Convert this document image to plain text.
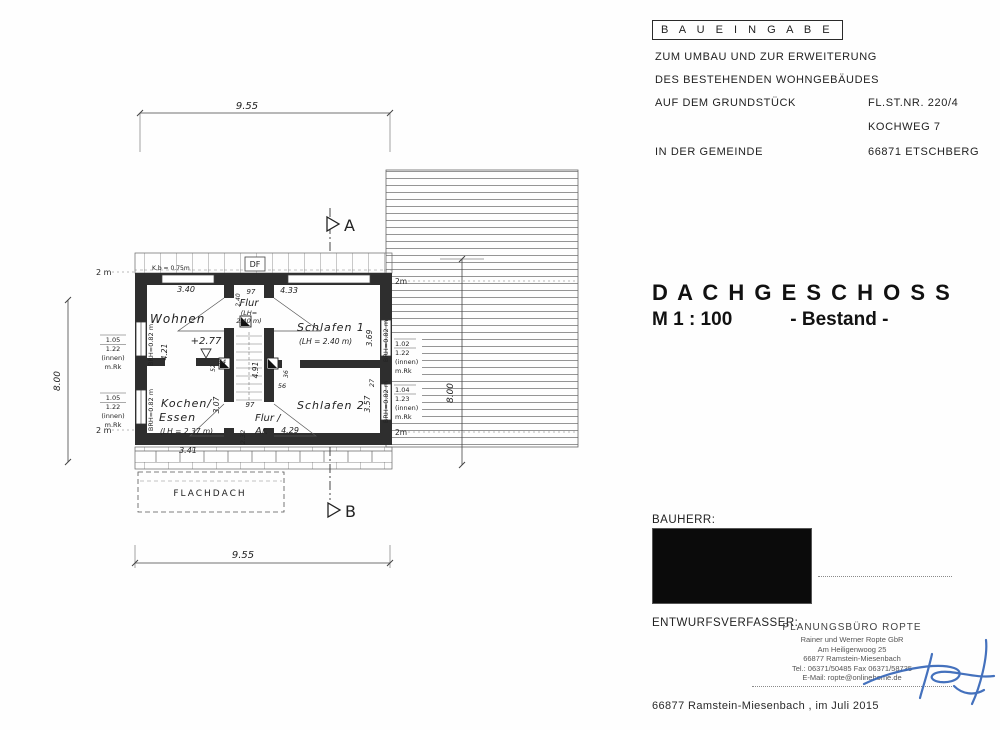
DF
FLACHDACH
A
B
9.55
9.55
8.00
8.00
2 m
2 m
2m
2m
K.b = 0.75m
Wohnen
+2.77
Flur
(LH=
2.40 m)	Schlafen 1
(LH = 2.40 m)
Kochen/
Essen
(LH = 2.37 m)
Flur /
Ar.
Schlafen 2
3.40	4.33
3.41
4.29
97
97
4.21
3.69
3.07	3.57
4.91
2.40
2.32
54
52
56
36
27
BRH=0.82 m
BRH=0.82 m
BRH=0.82 m
BRH=0.82 m
1.05
1.22
(innen)
m.Rk
1.05
1.22
(innen)
m.Rk
1.02
1.22
(innen)
m.Rk
1.04
1.23
(innen)
m.Rk
B A U E I N G A B E
ZUM UMBAU UND ZUR ERWEITERUNG
DES BESTEHENDEN WOHNGEBÄUDES
AUF DEM GRUNDSTÜCK	FL.ST.NR. 220/4
KOCHWEG 7
IN DER GEMEINDE	66871 ETSCHBERG
D A C H G E S C H O S S
M 1 : 100	- Bestand -
BAUHERR:
ENTWURFSVERFASSER:
PLANUNGSBÜRO ROPTE
Rainer und Werner Ropte GbR
Am Heiligenwoog 25
66877 Ramstein-Miesenbach
Tel.: 06371/50485 Fax 06371/58735
E-Mail: ropte@onlinehome.de
66877 Ramstein-Miesenbach , im Juli 2015
